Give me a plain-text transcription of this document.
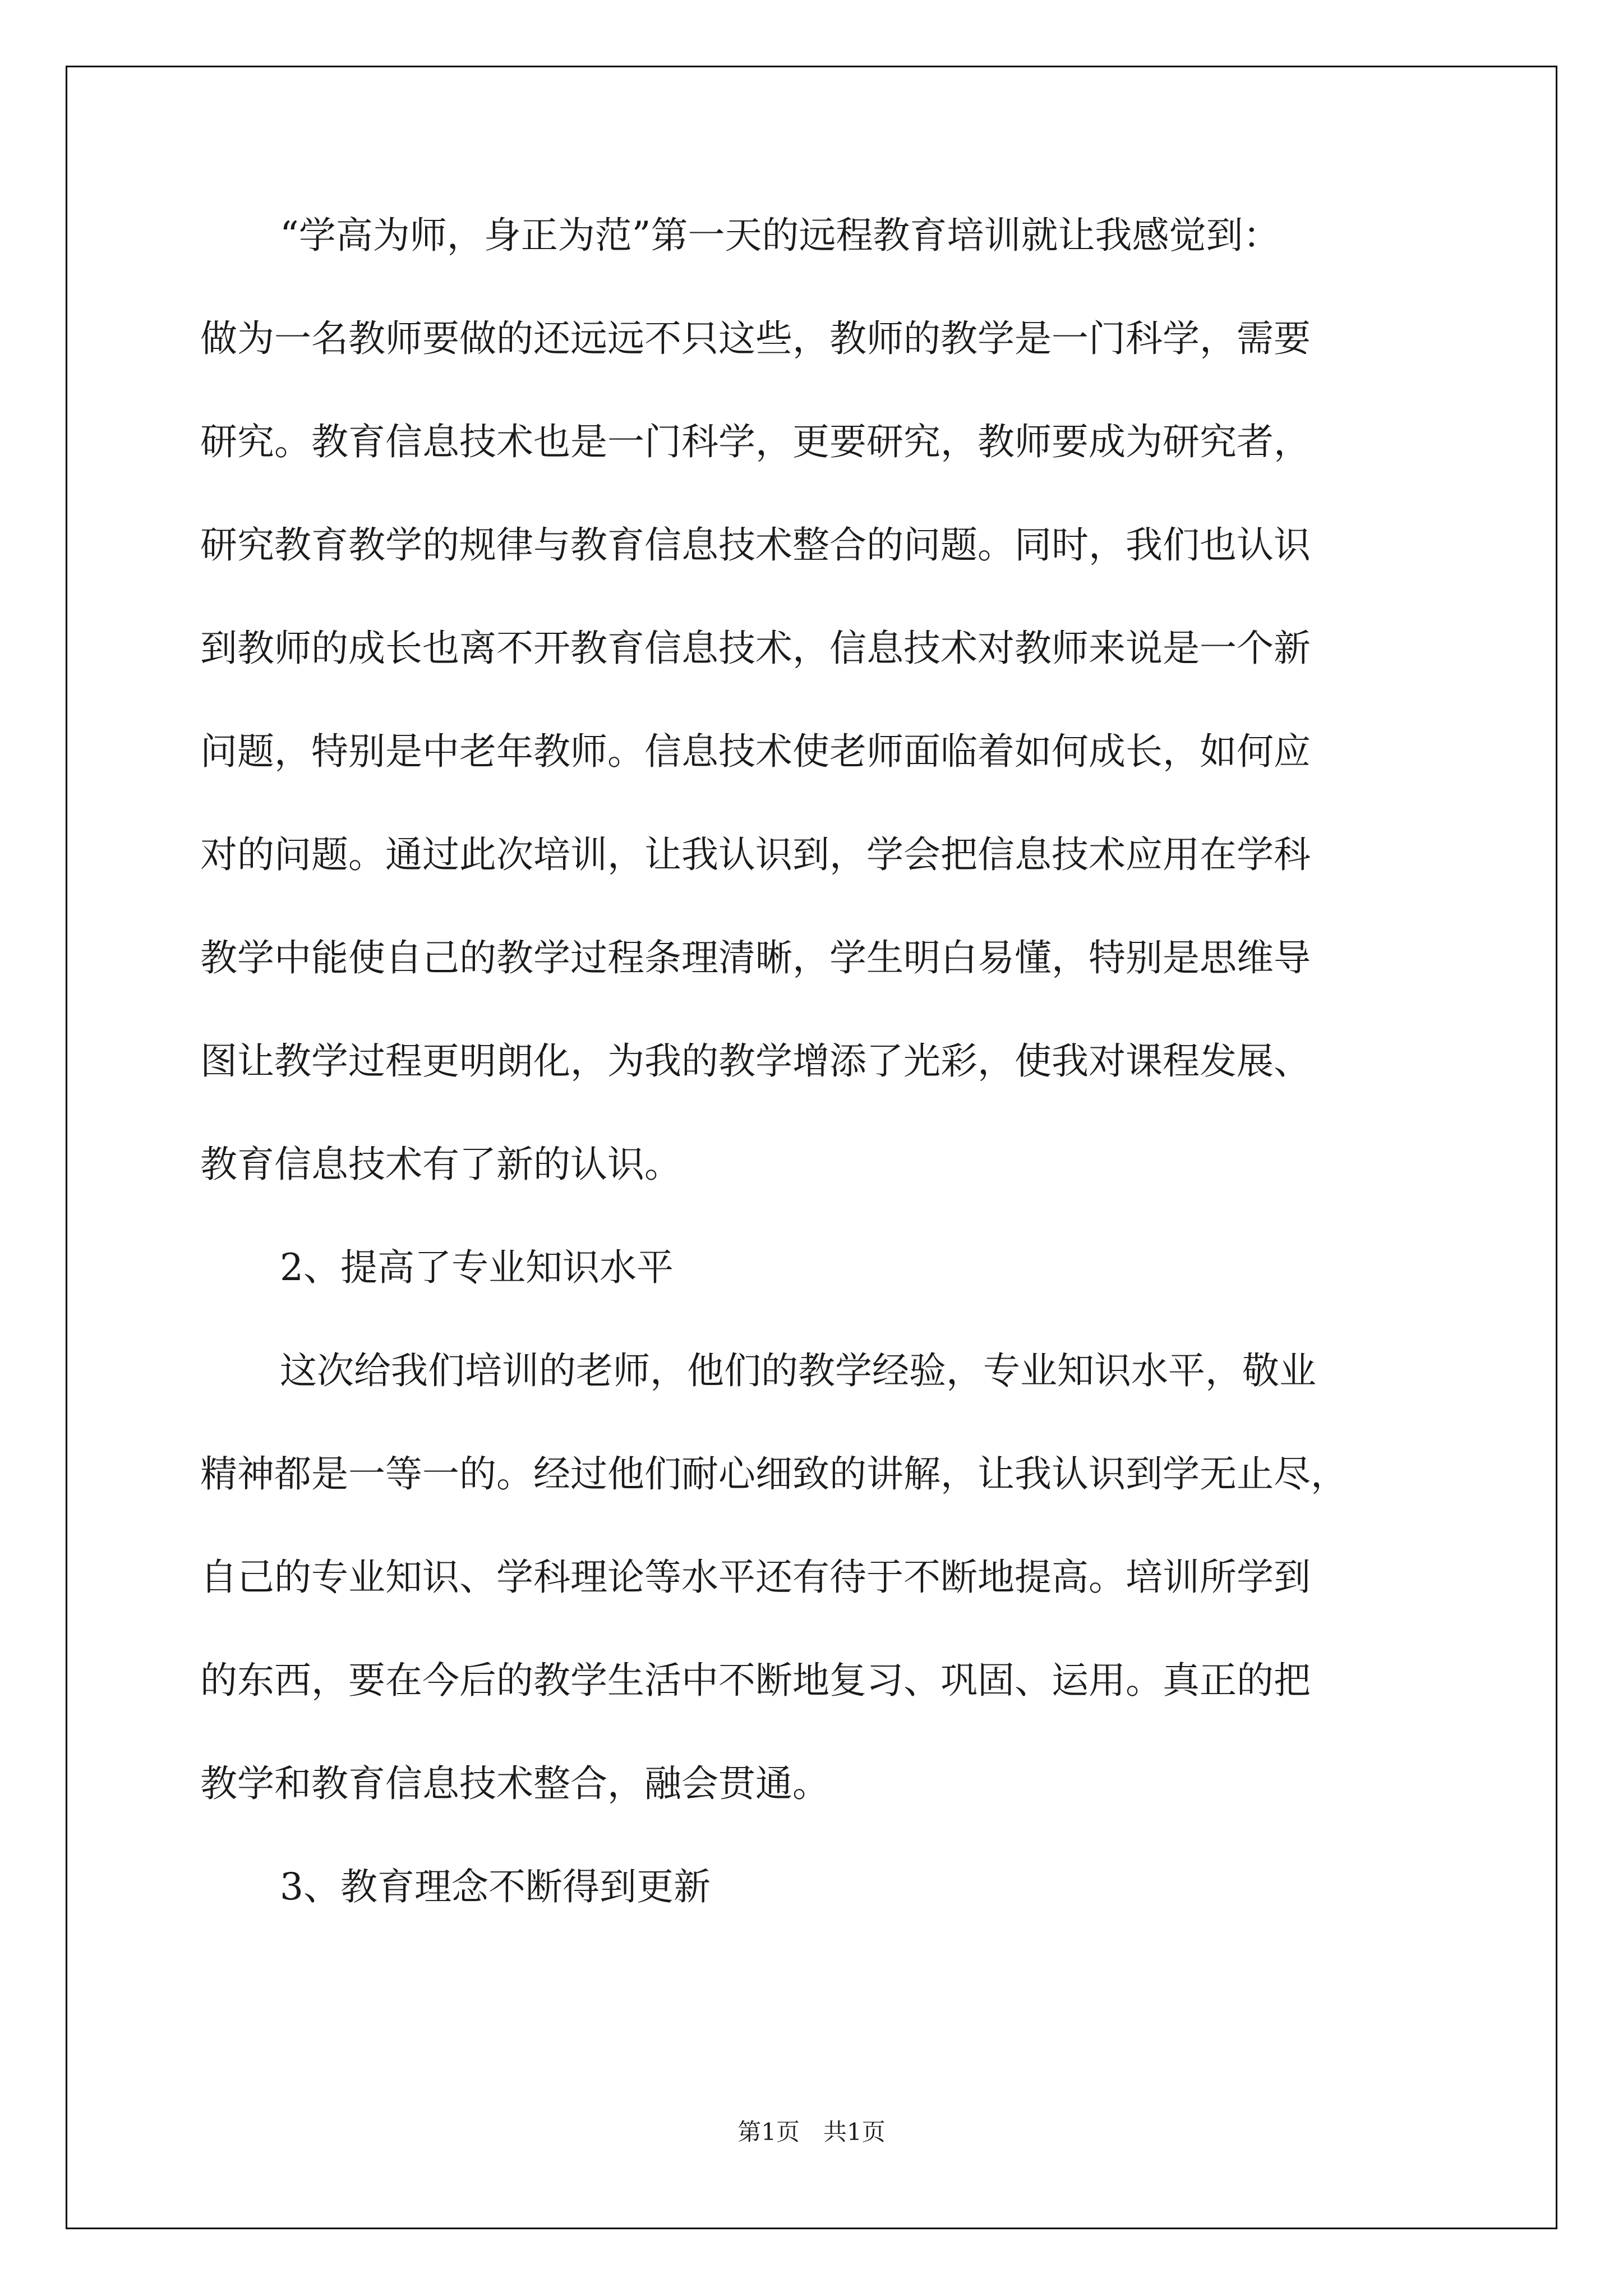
“学高为师，身正为范”第一天的远程教育培训就让我感觉到：
做为一名教师要做的还远远不只这些，教师的教学是一门科学，需要
研究。教育信息技术也是一门科学，更要研究，教师要成为研究者，
研究教育教学的规律与教育信息技术整合的问题。同时，我们也认识
到教师的成长也离不开教育信息技术，信息技术对教师来说是一个新
问题，特别是中老年教师。信息技术使老师面临着如何成长，如何应
对的问题。通过此次培训，让我认识到，学会把信息技术应用在学科
教学中能使自己的教学过程条理清晰，学生明白易懂，特别是思维导
图让教学过程更明朗化，为我的教学增添了光彩，使我对课程发展、
教育信息技术有了新的认识。
2、提高了专业知识水平
这次给我们培训的老师，他们的教学经验，专业知识水平，敬业
精神都是一等一的。经过他们耐心细致的讲解，让我认识到学无止尽，
自己的专业知识、学科理论等水平还有待于不断地提高。培训所学到
的东西，要在今后的教学生活中不断地复习、巩固、运用。真正的把
教学和教育信息技术整合，融会贯通。
3、教育理念不断得到更新
第1页　共1页
